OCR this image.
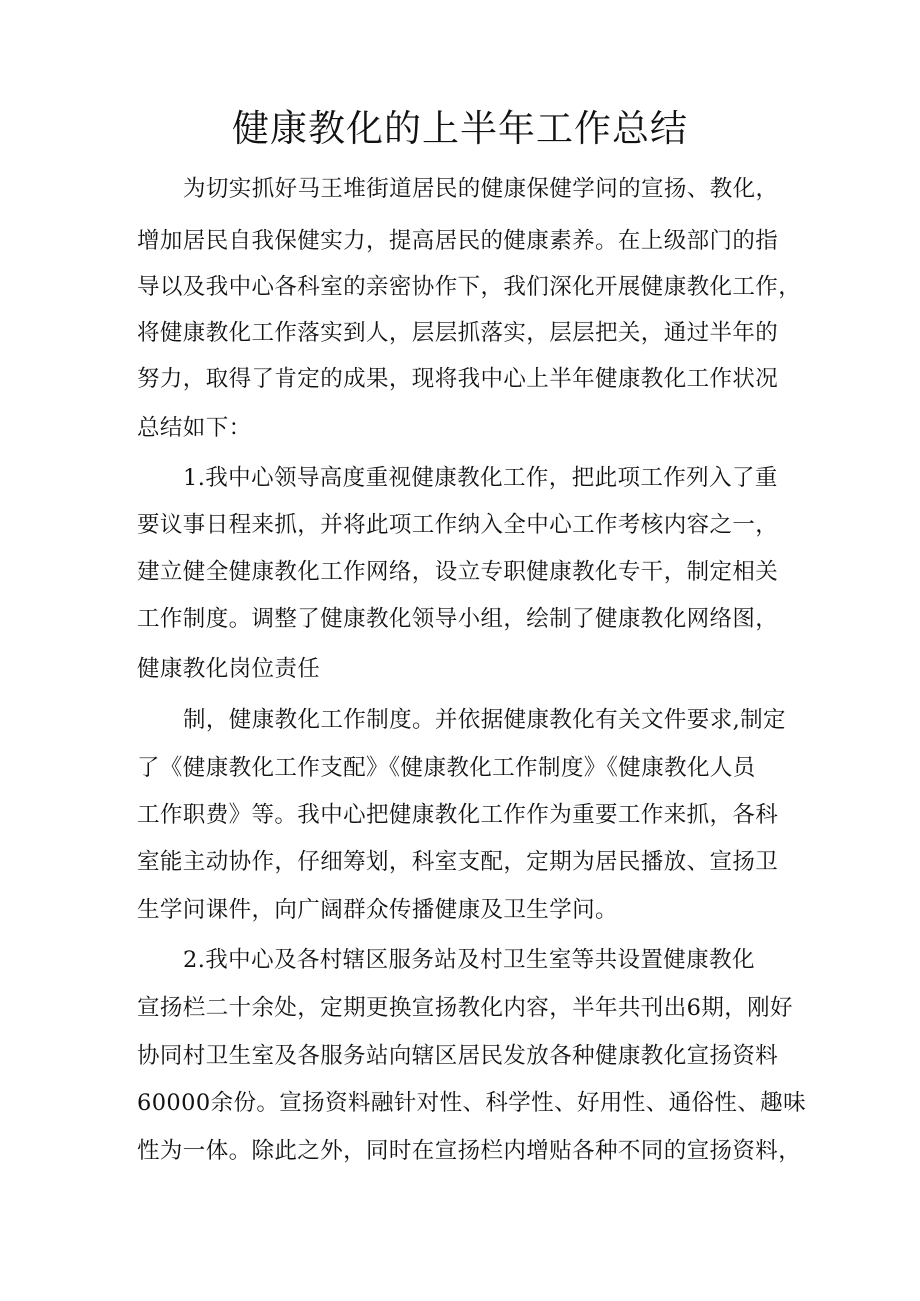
健康教化的上半年工作总结

为切实抓好马王堆街道居民的健康保健学问的宣扬、教化，

增加居民自我保健实力，提高居民的健康素养。在上级部门的指

导以及我中心各科室的亲密协作下，我们深化开展健康教化工作，

将健康教化工作落实到人，层层抓落实，层层把关，通过半年的

努力，取得了肯定的成果，现将我中心上半年健康教化工作状况

总结如下：

1.我中心领导高度重视健康教化工作，把此项工作列入了重

要议事日程来抓，并将此项工作纳入全中心工作考核内容之一，

建立健全健康教化工作网络，设立专职健康教化专干，制定相关

工作制度。调整了健康教化领导小组，绘制了健康教化网络图，

健康教化岗位责任

制，健康教化工作制度。并依据健康教化有关文件要求,制定

了《健康教化工作支配》《健康教化工作制度》《健康教化人员

工作职费》等。我中心把健康教化工作作为重要工作来抓，各科

室能主动协作，仔细筹划，科室支配，定期为居民播放、宣扬卫

生学问课件，向广阔群众传播健康及卫生学问。

2.我中心及各村辖区服务站及村卫生室等共设置健康教化

宣扬栏二十余处，定期更换宣扬教化内容，半年共刊出6期，刚好

协同村卫生室及各服务站向辖区居民发放各种健康教化宣扬资料

60000余份。宣扬资料融针对性、科学性、好用性、通俗性、趣味

性为一体。除此之外，同时在宣扬栏内增贴各种不同的宣扬资料，
